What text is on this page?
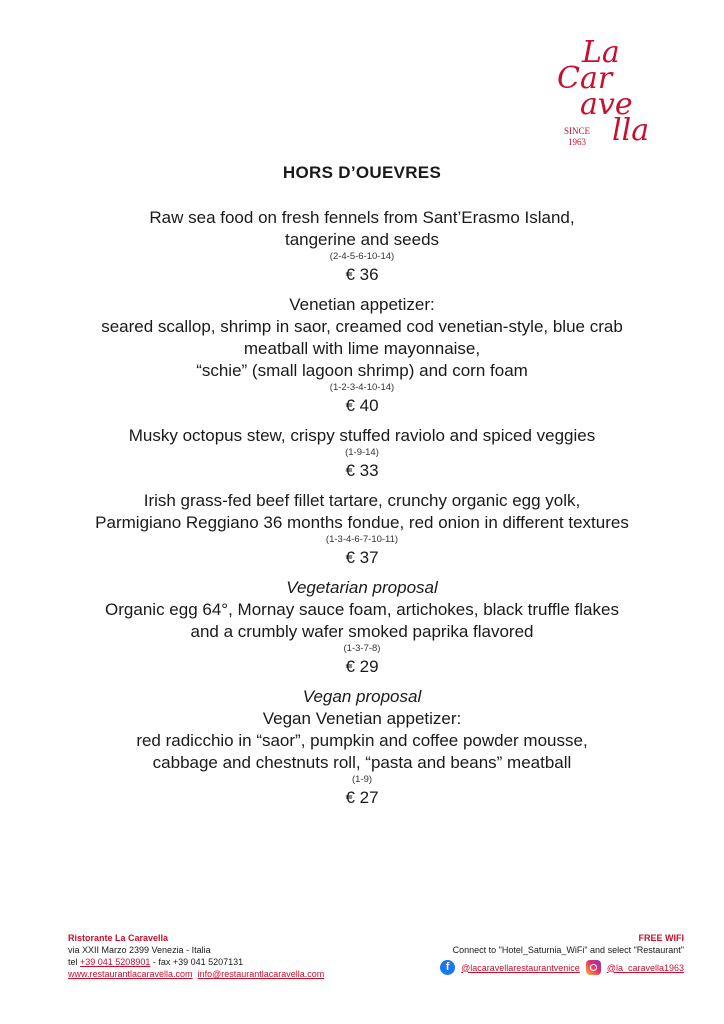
La
Car
ave
lla
SINCE
1963
HORS D’OUEVRES
Raw sea food on fresh fennels from Sant’Erasmo Island,
tangerine and seeds
(2-4-5-6-10-14)
€ 36
Venetian appetizer:
seared scallop, shrimp in saor, creamed cod venetian-style, blue crab
meatball with lime mayonnaise,
“schie” (small lagoon shrimp) and corn foam
(1-2-3-4-10-14)
€ 40
Musky octopus stew, crispy stuffed raviolo and spiced veggies
(1-9-14)
€ 33
Irish grass-fed beef fillet tartare, crunchy organic egg yolk,
Parmigiano Reggiano 36 months fondue, red onion in different textures
(1-3-4-6-7-10-11)
€ 37
Vegetarian proposal
Organic egg 64°, Mornay sauce foam, artichokes, black truffle flakes
and a crumbly wafer smoked paprika flavored
(1-3-7-8)
€ 29
Vegan proposal
Vegan Venetian appetizer:
red radicchio in “saor”, pumpkin and coffee powder mousse,
cabbage and chestnuts roll, “pasta and beans” meatball
(1-9)
€ 27
Ristorante La Caravella
via XXII Marzo 2399 Venezia - Italia
tel +39 041 5208901 - fax +39 041 5207131
www.restaurantlacaravella.com info@restaurantlacaravella.com
FREE WIFI
Connect to "Hotel_Saturnia_WiFi" and select "Restaurant"
f	@lacaravellarestaurantvenice	@la_caravella1963
